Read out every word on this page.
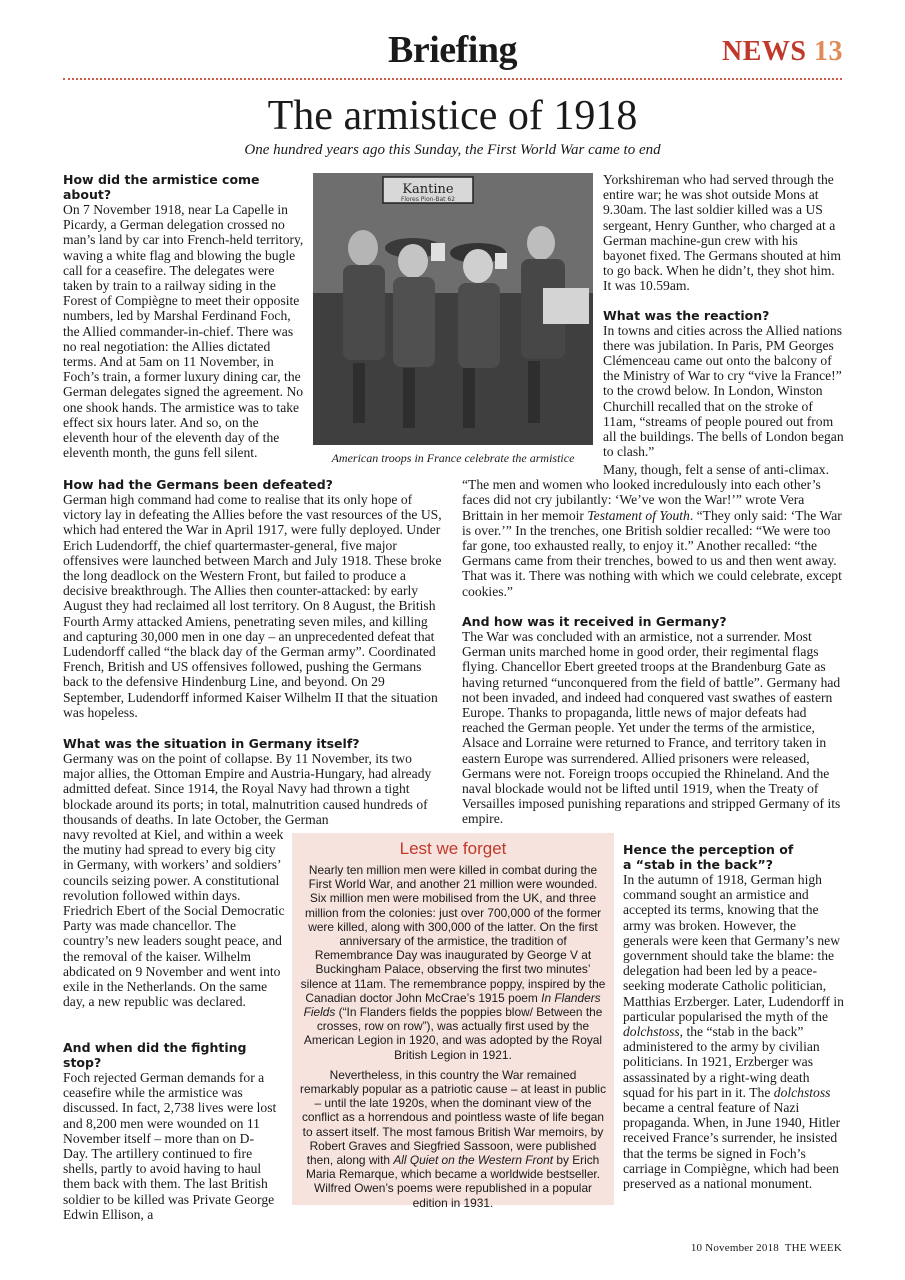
Briefing	NEWS 13
The armistice of 1918
One hundred years ago this Sunday, the First World War came to end
How did the armistice come about?

On 7 November 1918, near La Capelle in Picardy, a German delegation crossed no man’s land by car into French-held territory, waving a white flag and blowing the bugle call for a ceasefire. The delegates were taken by train to a railway siding in the Forest of Compiègne to meet their opposite numbers, led by Marshal Ferdinand Foch, the Allied commander-in-chief. There was no real negotiation: the Allies dictated terms. And at 5am on 11 November, in Foch’s train, a former luxury dining car, the German delegates signed the agreement. No one shook hands. The armistice was to take effect six hours later. And so, on the eleventh hour of the eleventh day of the eleventh month, the guns fell silent.

Kantine
Flores Pion-Bat 62
American troops in France celebrate the armistice

Yorkshireman who had served through the entire war; he was shot outside Mons at 9.30am. The last soldier killed was a US sergeant, Henry Gunther, who charged at a German machine-gun crew with his bayonet fixed. The Germans shouted at him to go back. When he didn’t, they shot him. It was 10.59am.

What was the reaction?

In towns and cities across the Allied nations there was jubilation. In Paris, PM Georges Clémenceau came out onto the balcony of the Ministry of War to cry “vive la France!” to the crowd below. In London, Winston Churchill recalled that on the stroke of 11am, “streams of people poured out from all the buildings. The bells of London began to clash.”

Many, though, felt a sense of anti-climax. “The men and women who looked incredulously into each other’s faces did not cry jubilantly: ‘We’ve won the War!’” wrote Vera Brittain in her memoir Testament of Youth. “They only said: ‘The War is over.’” In the trenches, one British soldier recalled: “We were too far gone, too exhausted really, to enjoy it.” Another recalled: “the Germans came from their trenches, bowed to us and then went away. That was it. There was nothing with which we could celebrate, except cookies.”

How had the Germans been defeated?

German high command had come to realise that its only hope of victory lay in defeating the Allies before the vast resources of the US, which had entered the War in April 1917, were fully deployed. Under Erich Ludendorff, the chief quartermaster-general, five major offensives were launched between March and July 1918. These broke the long deadlock on the Western Front, but failed to produce a decisive breakthrough. The Allies then counter-attacked: by early August they had reclaimed all lost territory. On 8 August, the British Fourth Army attacked Amiens, penetrating seven miles, and killing and capturing 30,000 men in one day – an unprecedented defeat that Ludendorff called “the black day of the German army”. Coordinated French, British and US offensives followed, pushing the Germans back to the defensive Hindenburg Line, and beyond. On 29 September, Ludendorff informed Kaiser Wilhelm II that the situation was hopeless.

And how was it received in Germany?

The War was concluded with an armistice, not a surrender. Most German units marched home in good order, their regimental flags flying. Chancellor Ebert greeted troops at the Brandenburg Gate as having returned “unconquered from the field of battle”. Germany had not been invaded, and indeed had conquered vast swathes of eastern Europe. Thanks to propaganda, little news of major defeats had reached the German people. Yet under the terms of the armistice, Alsace and Lorraine were returned to France, and territory taken in eastern Europe was surrendered. Allied prisoners were released, Germans were not. Foreign troops occupied the Rhineland. And the naval blockade would not be lifted until 1919, when the Treaty of Versailles imposed punishing reparations and stripped Germany of its empire.

What was the situation in Germany itself?

Germany was on the point of collapse. By 11 November, its two major allies, the Ottoman Empire and Austria-Hungary, had already admitted defeat. Since 1914, the Royal Navy had thrown a tight blockade around its ports; in total, malnutrition caused hundreds of thousands of deaths. In late October, the German
navy revolted at Kiel, and within a week the mutiny had spread to every big city in Germany, with workers’ and soldiers’ councils seizing power. A constitutional revolution followed within days. Friedrich Ebert of the Social Democratic Party was made chancellor. The country’s new leaders sought peace, and the removal of the kaiser. Wilhelm abdicated on 9 November and went into exile in the Netherlands. On the same day, a new republic was declared.

And when did the fighting stop?

Foch rejected German demands for a ceasefire while the armistice was discussed. In fact, 2,738 lives were lost and 8,200 men were wounded on 11 November itself – more than on D-Day. The artillery continued to fire shells, partly to avoid having to haul them back with them. The last British soldier to be killed was Private George Edwin Ellison, a

Lest we forget

Nearly ten million men were killed in combat during the First World War, and another 21 million were wounded. Six million men were mobilised from the UK, and three million from the colonies: just over 700,000 of the former were killed, along with 300,000 of the latter. On the first anniversary of the armistice, the tradition of Remembrance Day was inaugurated by George V at Buckingham Palace, observing the first two minutes’ silence at 11am. The remembrance poppy, inspired by the Canadian doctor John McCrae’s 1915 poem In Flanders Fields (“In Flanders fields the poppies blow/ Between the crosses, row on row”), was actually first used by the American Legion in 1920, and was adopted by the Royal British Legion in 1921.

Nevertheless, in this country the War remained remarkably popular as a patriotic cause – at least in public – until the late 1920s, when the dominant view of the conflict as a horrendous and pointless waste of life began to assert itself. The most famous British War memoirs, by Robert Graves and Siegfried Sassoon, were published then, along with All Quiet on the Western Front by Erich Maria Remarque, which became a worldwide bestseller. Wilfred Owen’s poems were republished in a popular edition in 1931.

Hence the perception of
a “stab in the back”?

In the autumn of 1918, German high command sought an armistice and accepted its terms, knowing that the army was broken. However, the generals were keen that Germany’s new government should take the blame: the delegation had been led by a peace-seeking moderate Catholic politician, Matthias Erzberger. Later, Ludendorff in particular popularised the myth of the dolchstoss, the “stab in the back” administered to the army by civilian politicians. In 1921, Erzberger was assassinated by a right-wing death squad for his part in it. The dolchstoss became a central feature of Nazi propaganda. When, in June 1940, Hitler received France’s surrender, he insisted that the terms be signed in Foch’s carriage in Compiègne, which had been preserved as a national monument.

10 November 2018 THE WEEK
